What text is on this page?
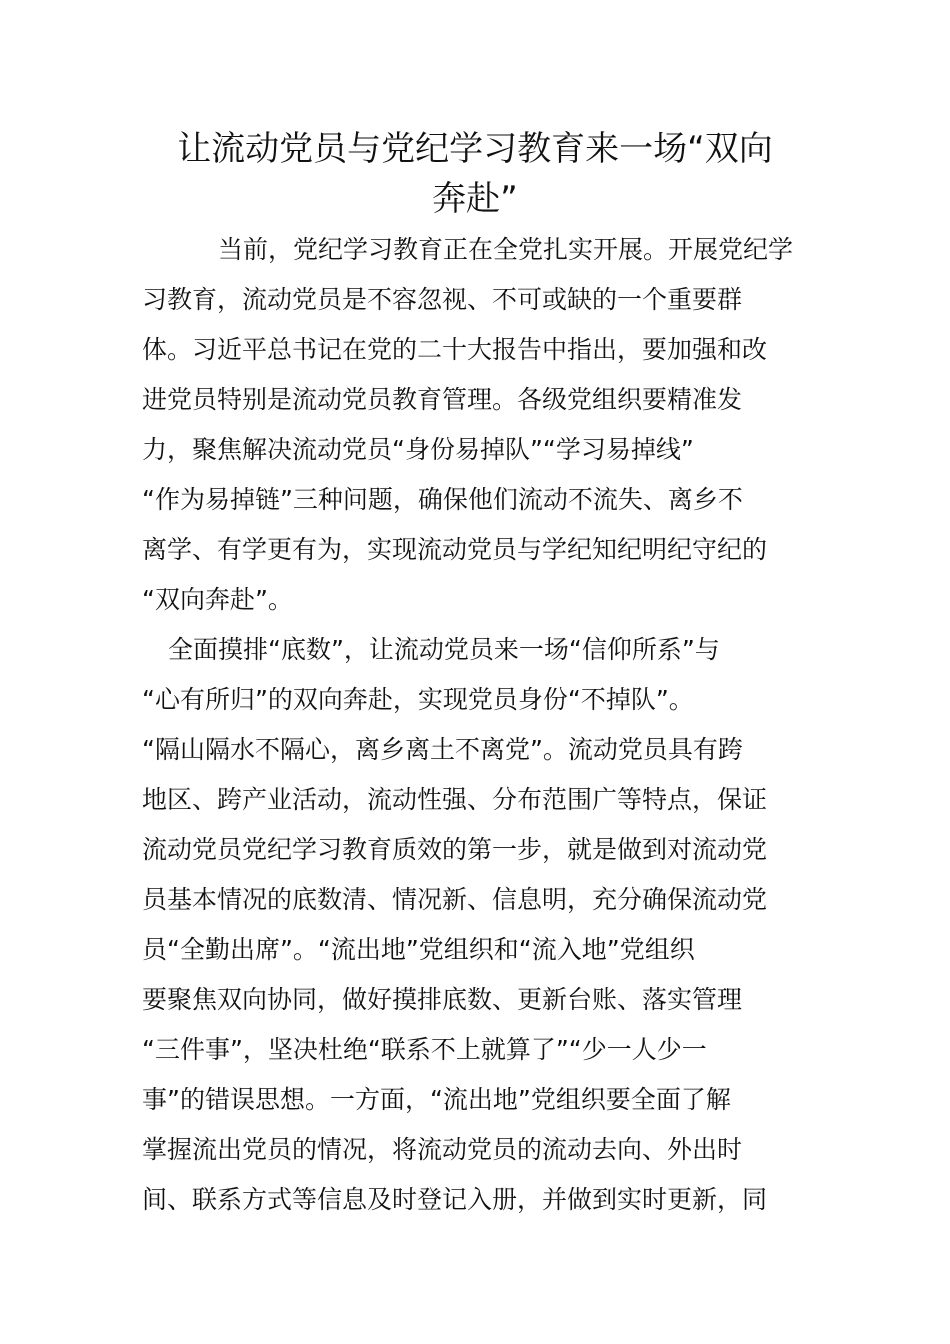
让流动党员与党纪学习教育来一场“双向
奔赴”
当前，党纪学习教育正在全党扎实开展。开展党纪学
习教育，流动党员是不容忽视、不可或缺的一个重要群
体。习近平总书记在党的二十大报告中指出，要加强和改
进党员特别是流动党员教育管理。各级党组织要精准发
力，聚焦解决流动党员“身份易掉队”“学习易掉线”
“作为易掉链”三种问题，确保他们流动不流失、离乡不
离学、有学更有为，实现流动党员与学纪知纪明纪守纪的
“双向奔赴”。
全面摸排“底数”，让流动党员来一场“信仰所系”与
“心有所归”的双向奔赴，实现党员身份“不掉队”。
“隔山隔水不隔心，离乡离土不离党”。流动党员具有跨
地区、跨产业活动，流动性强、分布范围广等特点，保证
流动党员党纪学习教育质效的第一步，就是做到对流动党
员基本情况的底数清、情况新、信息明，充分确保流动党
员“全勤出席”。“流出地”党组织和“流入地”党组织
要聚焦双向协同，做好摸排底数、更新台账、落实管理
“三件事”，坚决杜绝“联系不上就算了”“少一人少一
事”的错误思想。一方面，“流出地”党组织要全面了解
掌握流出党员的情况，将流动党员的流动去向、外出时
间、联系方式等信息及时登记入册，并做到实时更新，同
